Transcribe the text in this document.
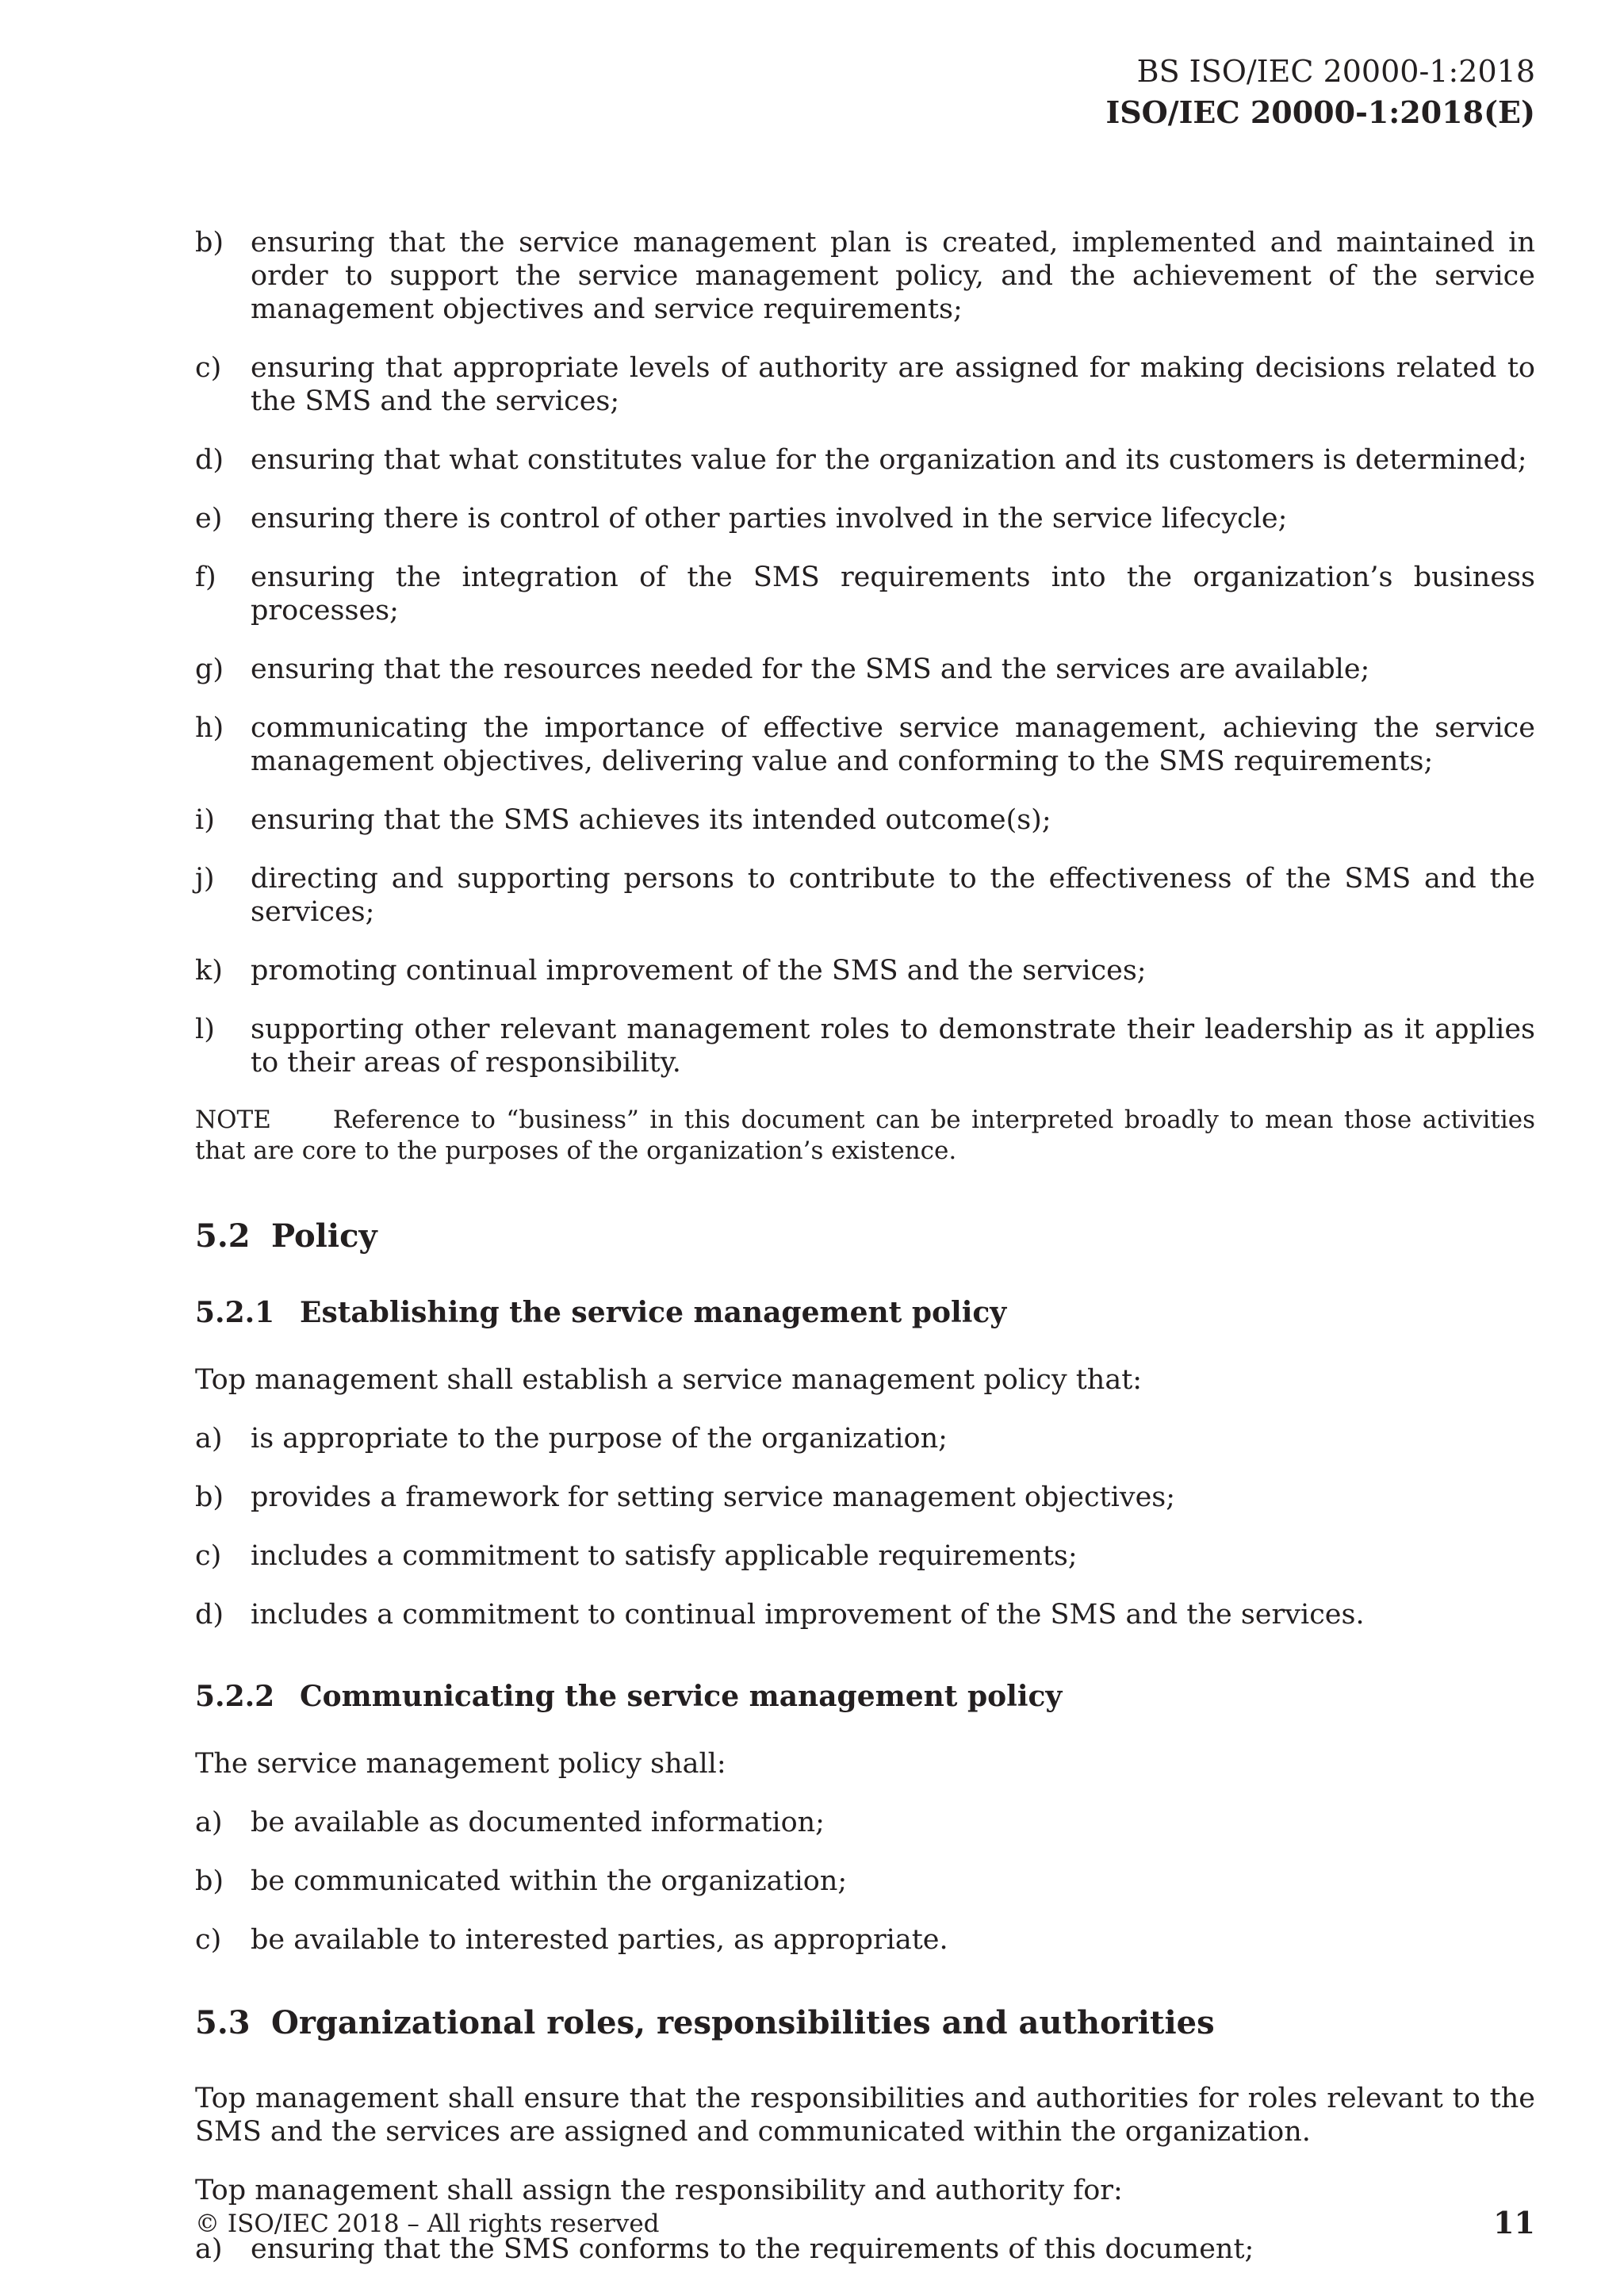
BS ISO/IEC 20000-1:2018
ISO/IEC 20000-1:2018(E)
b) ensuring that the service management plan is created, implemented and maintained in order to support the service management policy, and the achievement of the service management objectives and service requirements;
c) ensuring that appropriate levels of authority are assigned for making decisions related to the SMS and the services;
d) ensuring that what constitutes value for the organization and its customers is determined;
e) ensuring there is control of other parties involved in the service lifecycle;
f) ensuring the integration of the SMS requirements into the organization’s business processes;
g) ensuring that the resources needed for the SMS and the services are available;
h) communicating the importance of effective service management, achieving the service management objectives, delivering value and conforming to the SMS requirements;
i) ensuring that the SMS achieves its intended outcome(s);
j) directing and supporting persons to contribute to the effectiveness of the SMS and the services;
k) promoting continual improvement of the SMS and the services;
l) supporting other relevant management roles to demonstrate their leadership as it applies to their areas of responsibility.
NOTE	Reference to “business” in this document can be interpreted broadly to mean those activities that are core to the purposes of the organization’s existence.
5.2 Policy
5.2.1 Establishing the service management policy
Top management shall establish a service management policy that:
a) is appropriate to the purpose of the organization;
b) provides a framework for setting service management objectives;
c) includes a commitment to satisfy applicable requirements;
d) includes a commitment to continual improvement of the SMS and the services.
5.2.2 Communicating the service management policy
The service management policy shall:
a) be available as documented information;
b) be communicated within the organization;
c) be available to interested parties, as appropriate.
5.3 Organizational roles, responsibilities and authorities
Top management shall ensure that the responsibilities and authorities for roles relevant to the SMS and the services are assigned and communicated within the organization.
Top management shall assign the responsibility and authority for:
a) ensuring that the SMS conforms to the requirements of this document;
© ISO/IEC 2018 – All rights reserved	11
